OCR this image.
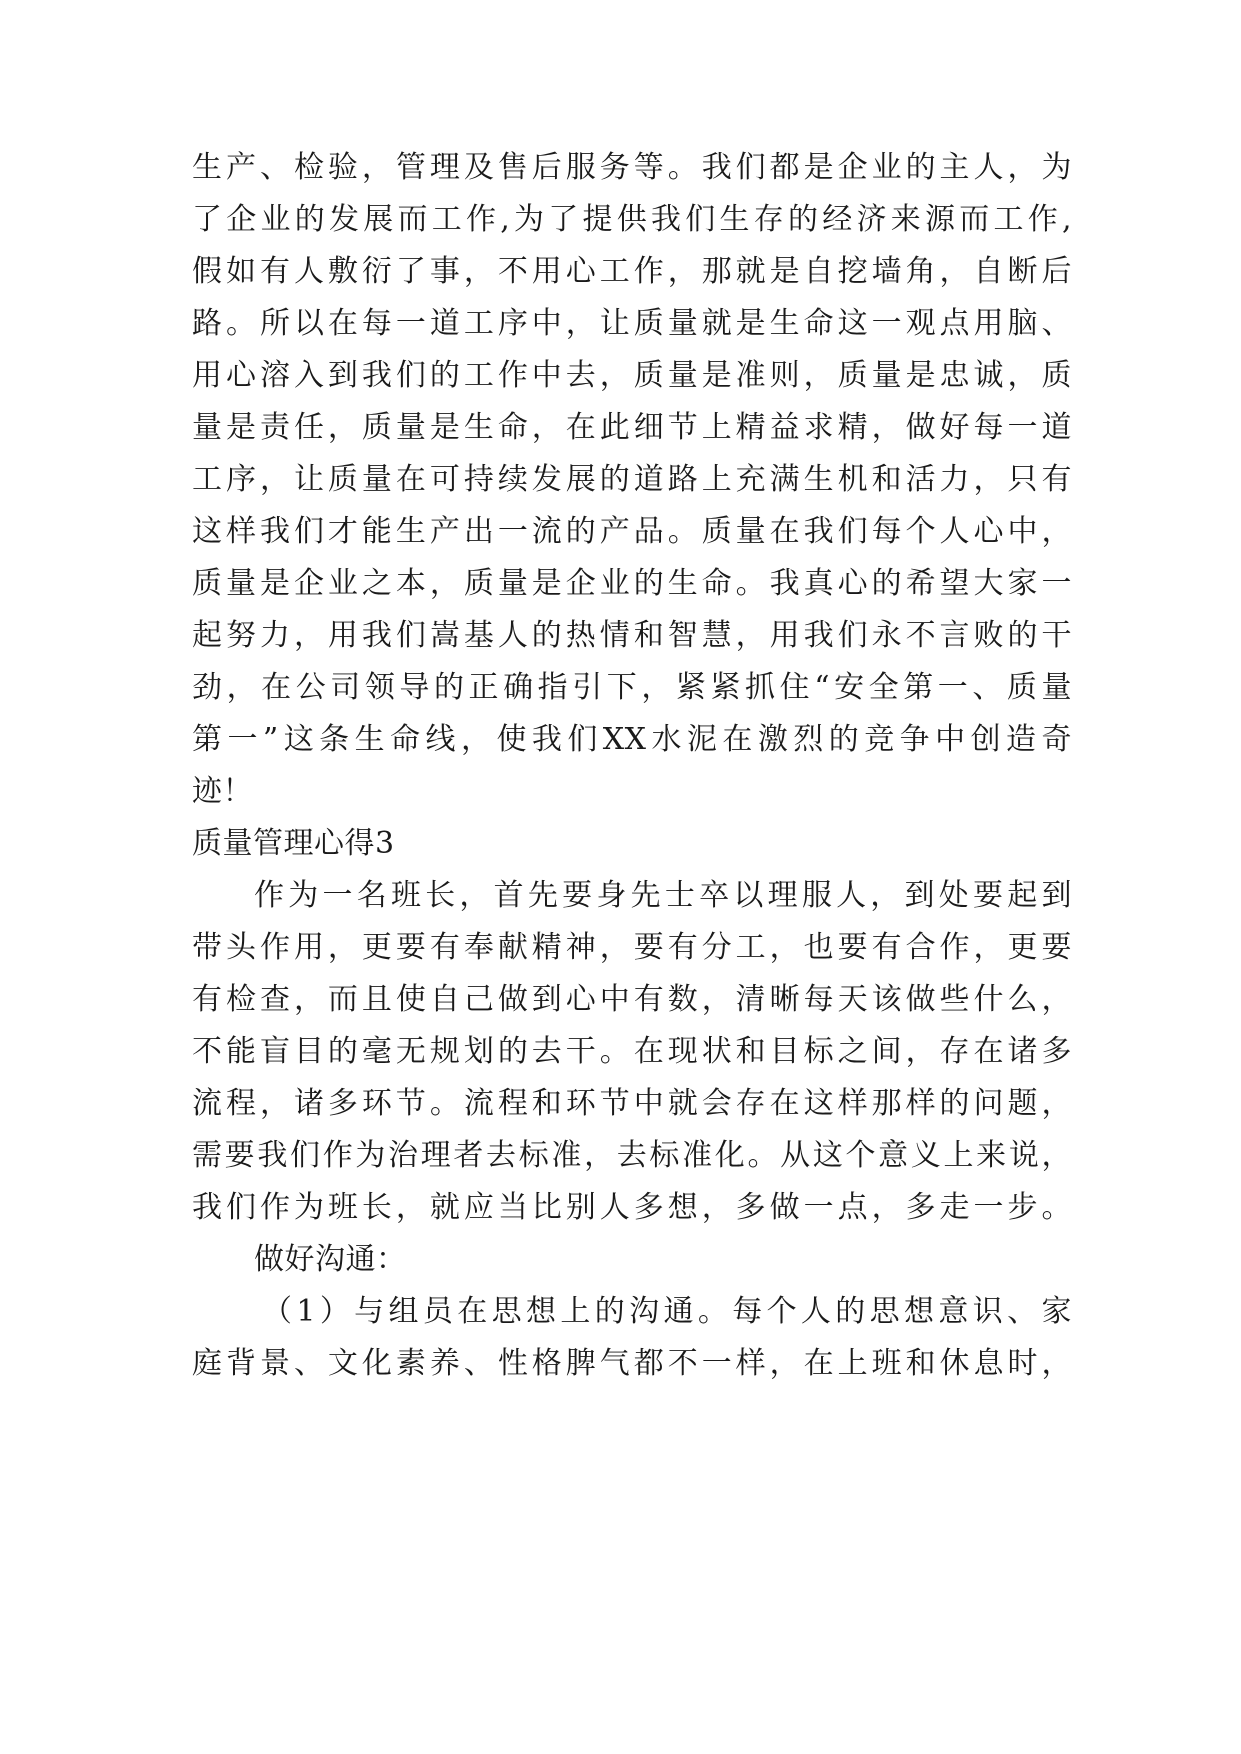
生产、检验，管理及售后服务等。我们都是企业的主人，为
了企业的发展而工作,为了提供我们生存的经济来源而工作,
假如有人敷衍了事，不用心工作，那就是自挖墙角，自断后
路。所以在每一道工序中，让质量就是生命这一观点用脑、
用心溶入到我们的工作中去，质量是准则，质量是忠诚，质
量是责任，质量是生命，在此细节上精益求精，做好每一道
工序，让质量在可持续发展的道路上充满生机和活力，只有
这样我们才能生产出一流的产品。质量在我们每个人心中，
质量是企业之本，质量是企业的生命。我真心的希望大家一
起努力，用我们嵩基人的热情和智慧，用我们永不言败的干
劲，在公司领导的正确指引下，紧紧抓住“安全第一、质量
第一”这条生命线，使我们XX水泥在激烈的竞争中创造奇
迹！
质量管理心得3
作为一名班长，首先要身先士卒以理服人，到处要起到
带头作用，更要有奉献精神，要有分工，也要有合作，更要
有检查，而且使自己做到心中有数，清晰每天该做些什么，
不能盲目的毫无规划的去干。在现状和目标之间，存在诸多
流程，诸多环节。流程和环节中就会存在这样那样的问题，
需要我们作为治理者去标准，去标准化。从这个意义上来说，
我们作为班长，就应当比别人多想，多做一点，多走一步。
做好沟通：
（1）与组员在思想上的沟通。每个人的思想意识、家
庭背景、文化素养、性格脾气都不一样，在上班和休息时，
